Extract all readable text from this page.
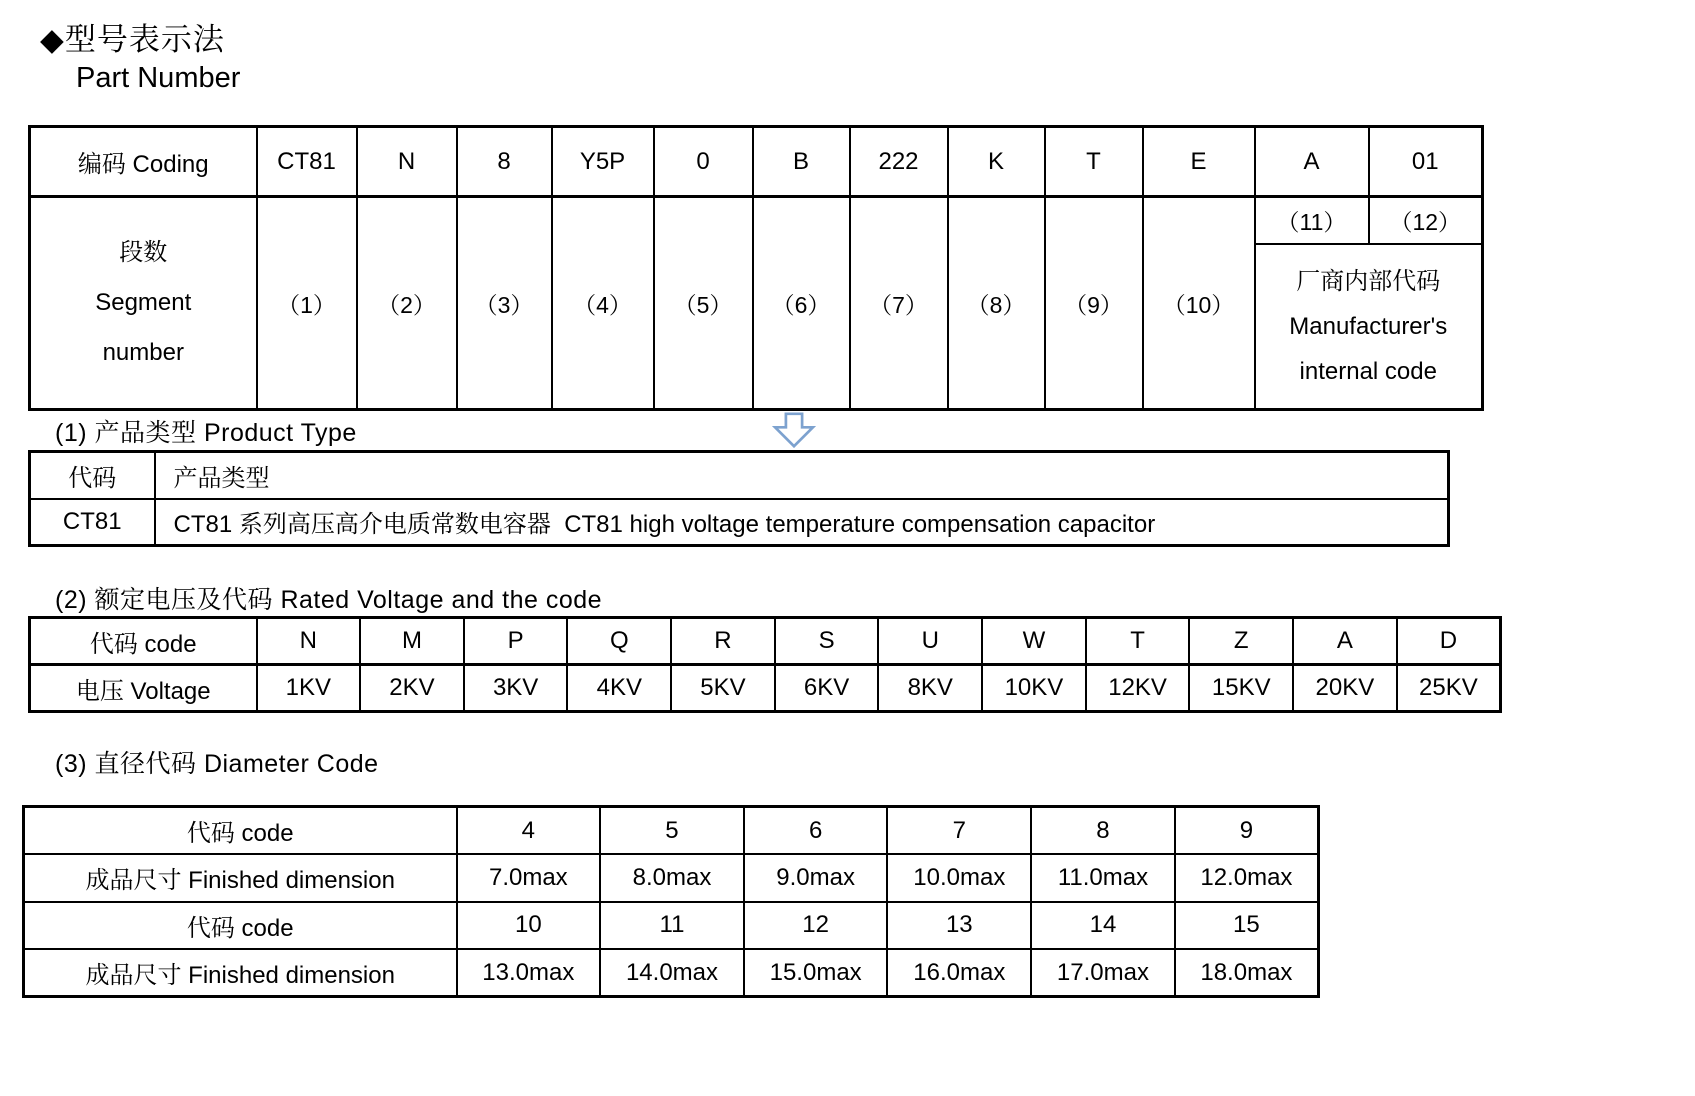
◆型号表示法
Part Number
编码 Coding	CT81	N	8	Y5P	0	B	222	K	T	E	A	01

段数
Segment
number	（1）	（2）	（3）	（4）	（5）	（6）	（7）	（8）	（9）	（10）	（11）	（12）

											厂商内部代码
Manufacturer's
internal code	
(1) 产品类型 Product Type
代码	产品类型
CT81	CT81 系列高压高介电质常数电容器  CT81 high voltage temperature compensation capacitor
(2) 额定电压及代码 Rated Voltage and the code
代码 code	N	M	P	Q	R	S	U	W	T	Z	A	D
电压 Voltage	1KV	2KV	3KV	4KV	5KV	6KV	8KV	10KV	12KV	15KV	20KV	25KV
(3) 直径代码 Diameter Code
代码 code	4	5	6	7	8	9
成品尺寸 Finished dimension	7.0max	8.0max	9.0max	10.0max	11.0max	12.0max
代码 code	10	11	12	13	14	15
成品尺寸 Finished dimension	13.0max	14.0max	15.0max	16.0max	17.0max	18.0max
